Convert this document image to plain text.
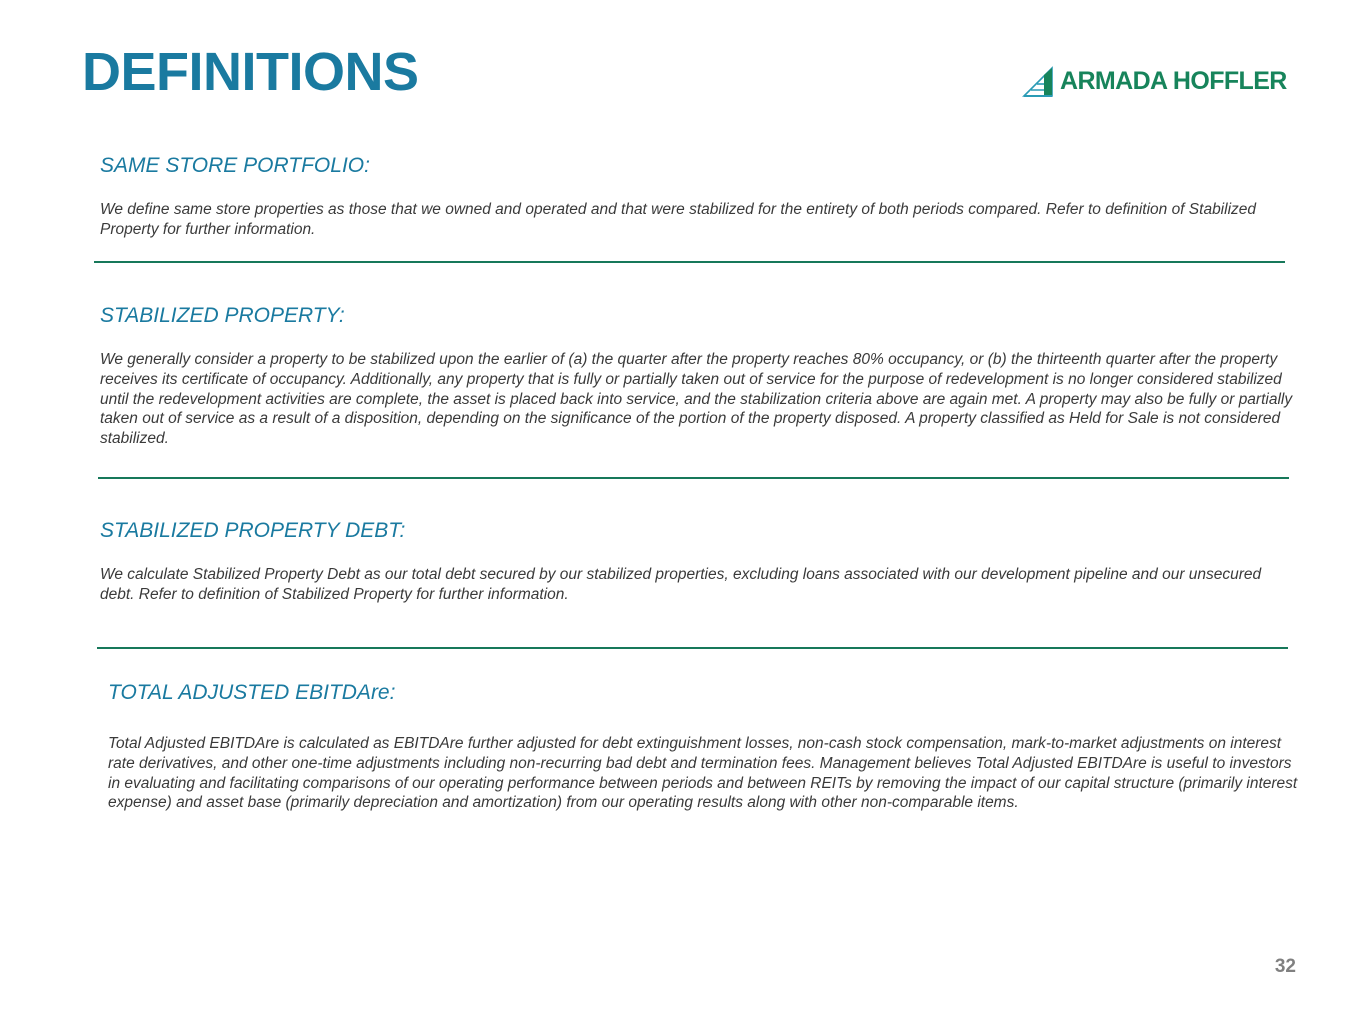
DEFINITIONS	ARMADA HOFFLER
SAME STORE PORTFOLIO:

We define same store properties as those that we owned and operated and that were stabilized for the entirety of both periods compared. Refer to definition of Stabilized Property for further information.

STABILIZED PROPERTY:

We generally consider a property to be stabilized upon the earlier of (a) the quarter after the property reaches 80% occupancy, or (b) the thirteenth quarter after the property receives its certificate of occupancy. Additionally, any property that is fully or partially taken out of service for the purpose of redevelopment is no longer considered stabilized until the redevelopment activities are complete, the asset is placed back into service, and the stabilization criteria above are again met. A property may also be fully or partially taken out of service as a result of a disposition, depending on the significance of the portion of the property disposed. A property classified as Held for Sale is not considered stabilized.

STABILIZED PROPERTY DEBT:

We calculate Stabilized Property Debt as our total debt secured by our stabilized properties, excluding loans associated with our development pipeline and our unsecured debt. Refer to definition of Stabilized Property for further information.

TOTAL ADJUSTED EBITDAre:

Total Adjusted EBITDAre is calculated as EBITDAre further adjusted for debt extinguishment losses, non-cash stock compensation, mark-to-market adjustments on interest rate derivatives, and other one-time adjustments including non-recurring bad debt and termination fees. Management believes Total Adjusted EBITDAre is useful to investors in evaluating and facilitating comparisons of our operating performance between periods and between REITs by removing the impact of our capital structure (primarily interest expense) and asset base (primarily depreciation and amortization) from our operating results along with other non-comparable items.

32
